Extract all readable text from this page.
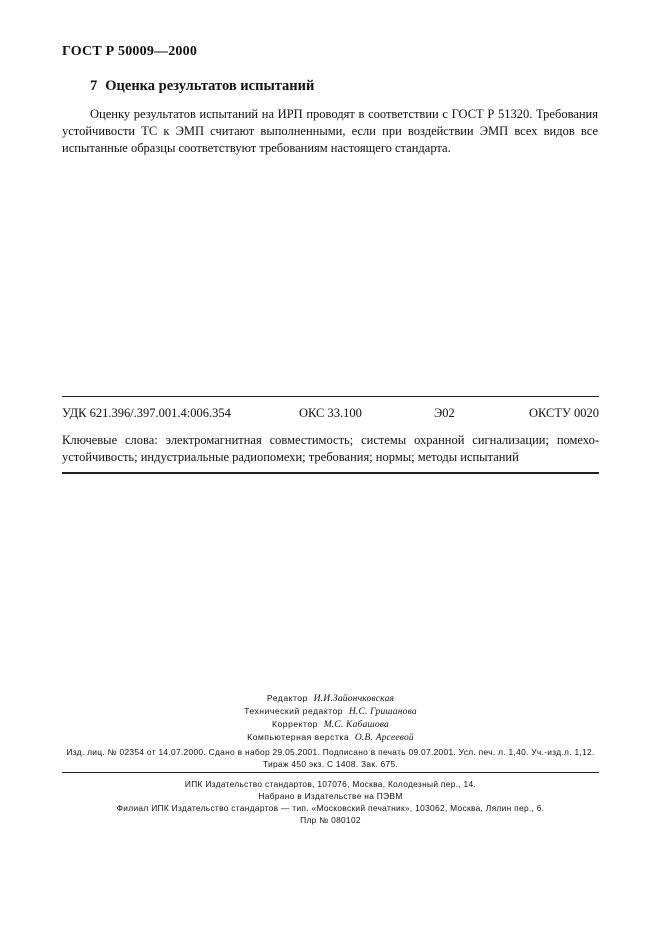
ГОСТ Р 50009—2000
7 Оценка результатов испытаний
Оценку результатов испытаний на ИРП проводят в соответствии с ГОСТ Р 51320. Требования устойчивости ТС к ЭМП считают выполненными, если при воздействии ЭМП всех видов все испытанные образцы соответствуют требованиям настоящего стандарта.
УДК 621.396/.397.001.4:006.354	ОКС 33.100	Э02	ОКСТУ 0020
Ключевые слова: электромагнитная совместимость; системы охранной сигнализации; помехо-устойчивость; индустриальные радиопомехи; требования; нормы; методы испытаний
Редактор И.И.Зайончковская
Технический редактор Н.С. Гришанова
Корректор М.С. Кабашова
Компьютерная верстка О.В. Арсеевой
Изд. лиц. № 02354 от 14.07.2000. Сдано в набор 29.05.2001. Подписано в печать 09.07.2001. Усл. печ. л. 1,40. Уч.-изд.л. 1,12.
Тираж 450 экз. С 1408. Зак. 675.
ИПК Издательство стандартов, 107076, Москва, Колодезный пер., 14.
Набрано в Издательстве на ПЭВМ
Филиал ИПК Издательство стандартов — тип. «Московский печатник», 103062, Москва, Лялин пер., 6.
Плр № 080102
